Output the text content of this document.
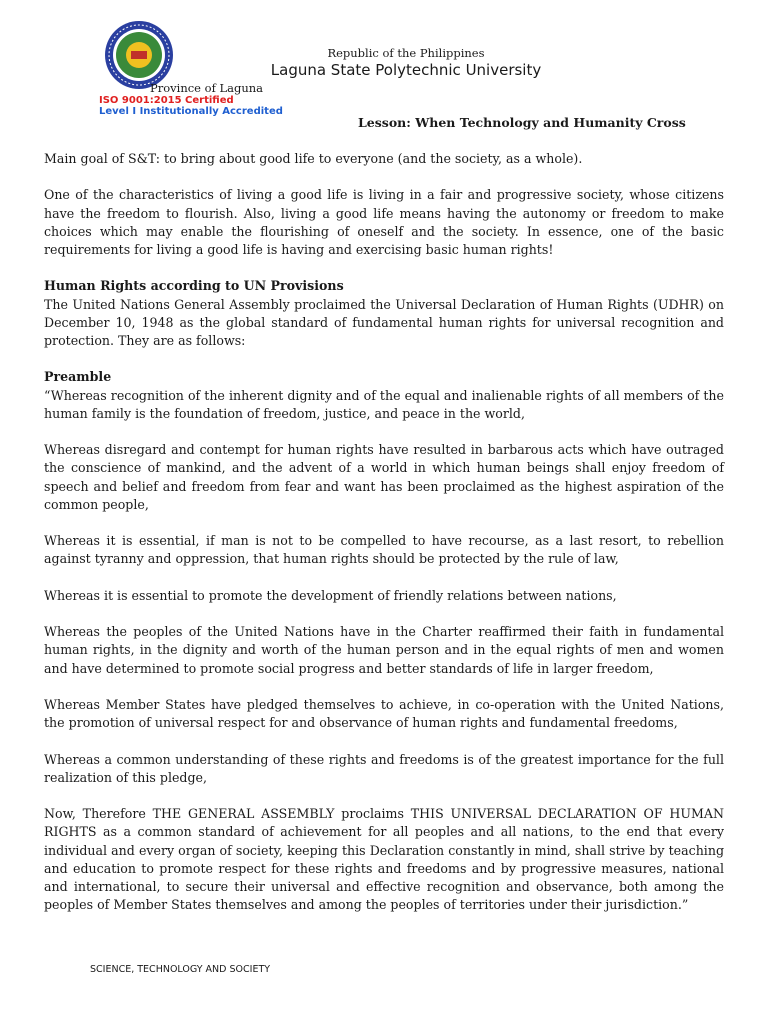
Republic of the Philippines
Laguna State Polytechnic University
Province of Laguna
ISO 9001:2015 Certified
Level I Institutionally Accredited
Lesson: When Technology and Humanity Cross

Main goal of S&T: to bring about good life to everyone (and the society, as a whole).

One of the characteristics of living a good life is living in a fair and progressive society, whose citizens have the freedom to flourish. Also, living a good life means having the autonomy or freedom to make choices which may enable the flourishing of oneself and the society. In essence, one of the basic requirements for living a good life is having and exercising basic human rights!

Human Rights according to UN Provisions

The United Nations General Assembly proclaimed the Universal Declaration of Human Rights (UDHR) on December 10, 1948 as the global standard of fundamental human rights for universal recognition and protection. They are as follows:

Preamble

“Whereas recognition of the inherent dignity and of the equal and inalienable rights of all members of the human family is the foundation of freedom, justice, and peace in the world,

Whereas disregard and contempt for human rights have resulted in barbarous acts which have outraged the conscience of mankind, and the advent of a world in which human beings shall enjoy freedom of speech and belief and freedom from fear and want has been proclaimed as the highest aspiration of the common people,

Whereas it is essential, if man is not to be compelled to have recourse, as a last resort, to rebellion against tyranny and oppression, that human rights should be protected by the rule of law,

Whereas it is essential to promote the development of friendly relations between nations,

Whereas the peoples of the United Nations have in the Charter reaffirmed their faith in fundamental human rights, in the dignity and worth of the human person and in the equal rights of men and women and have determined to promote social progress and better standards of life in larger freedom,

Whereas Member States have pledged themselves to achieve, in co-operation with the United Nations, the promotion of universal respect for and observance of human rights and fundamental freedoms,

Whereas a common understanding of these rights and freedoms is of the greatest importance for the full realization of this pledge,

Now, Therefore THE GENERAL ASSEMBLY proclaims THIS UNIVERSAL DECLARATION OF HUMAN RIGHTS as a common standard of achievement for all peoples and all nations, to the end that every individual and every organ of society, keeping this Declaration constantly in mind, shall strive by teaching and education to promote respect for these rights and freedoms and by progressive measures, national and international, to secure their universal and effective recognition and observance, both among the peoples of Member States themselves and among the peoples of territories under their jurisdiction.”

SCIENCE, TECHNOLOGY AND SOCIETY
